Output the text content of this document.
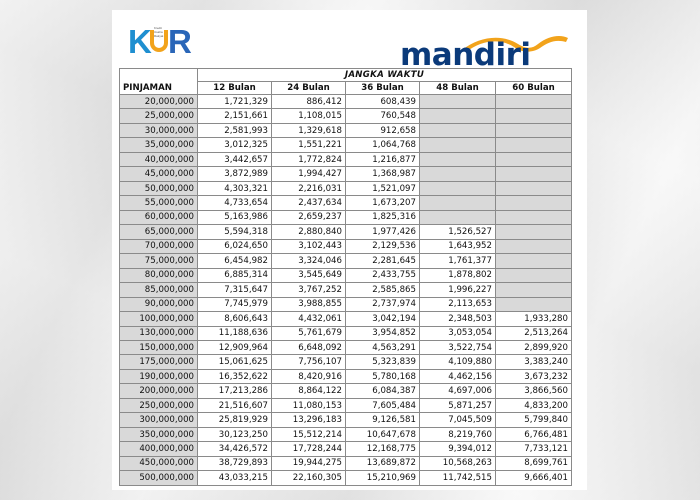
K Kredit Usaha Rakyat R	mandiri
PINJAMAN	JANGKA WAKTU				
	12 Bulan	24 Bulan	36 Bulan	48 Bulan	60 Bulan
20,000,000	1,721,329	886,412	608,439		
25,000,000	2,151,661	1,108,015	760,548		
30,000,000	2,581,993	1,329,618	912,658		
35,000,000	3,012,325	1,551,221	1,064,768		
40,000,000	3,442,657	1,772,824	1,216,877		
45,000,000	3,872,989	1,994,427	1,368,987		
50,000,000	4,303,321	2,216,031	1,521,097		
55,000,000	4,733,654	2,437,634	1,673,207		
60,000,000	5,163,986	2,659,237	1,825,316		
65,000,000	5,594,318	2,880,840	1,977,426	1,526,527	
70,000,000	6,024,650	3,102,443	2,129,536	1,643,952	
75,000,000	6,454,982	3,324,046	2,281,645	1,761,377	
80,000,000	6,885,314	3,545,649	2,433,755	1,878,802	
85,000,000	7,315,647	3,767,252	2,585,865	1,996,227	
90,000,000	7,745,979	3,988,855	2,737,974	2,113,653	
100,000,000	8,606,643	4,432,061	3,042,194	2,348,503	1,933,280
130,000,000	11,188,636	5,761,679	3,954,852	3,053,054	2,513,264
150,000,000	12,909,964	6,648,092	4,563,291	3,522,754	2,899,920
175,000,000	15,061,625	7,756,107	5,323,839	4,109,880	3,383,240
190,000,000	16,352,622	8,420,916	5,780,168	4,462,156	3,673,232
200,000,000	17,213,286	8,864,122	6,084,387	4,697,006	3,866,560
250,000,000	21,516,607	11,080,153	7,605,484	5,871,257	4,833,200
300,000,000	25,819,929	13,296,183	9,126,581	7,045,509	5,799,840
350,000,000	30,123,250	15,512,214	10,647,678	8,219,760	6,766,481
400,000,000	34,426,572	17,728,244	12,168,775	9,394,012	7,733,121
450,000,000	38,729,893	19,944,275	13,689,872	10,568,263	8,699,761
500,000,000	43,033,215	22,160,305	15,210,969	11,742,515	9,666,401
